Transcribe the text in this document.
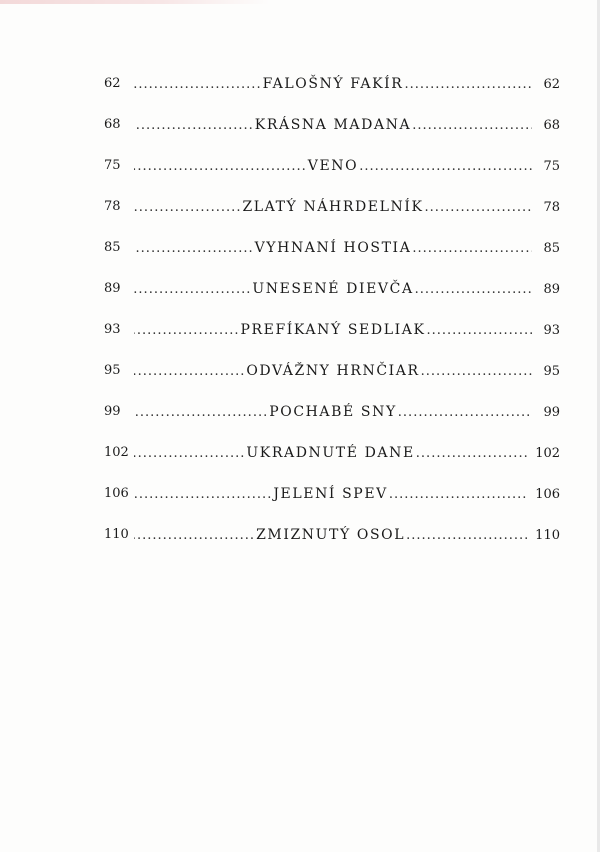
62 .....	FALOŠNÝ FAKÍR .....	62
68 .....	KRÁSNA MADANA .....	68
75 .....	VENO .....	75
78 .....	ZLATÝ NÁHRDELNÍK .....	78
85 .....	VYHNANÍ HOSTIA .....	85
89 .....	UNESENÉ DIEVČA .....	89
93 .....	PREFÍKANÝ SEDLIAK .....	93
95 .....	ODVÁŽNY HRNČIAR .....	95
99 .....	POCHABÉ SNY .....	99
102 .....	UKRADNUTÉ DANE .....	102
106 .....	JELENÍ SPEV .....	106
110 .....	ZMIZNUTÝ OSOL .....	110
